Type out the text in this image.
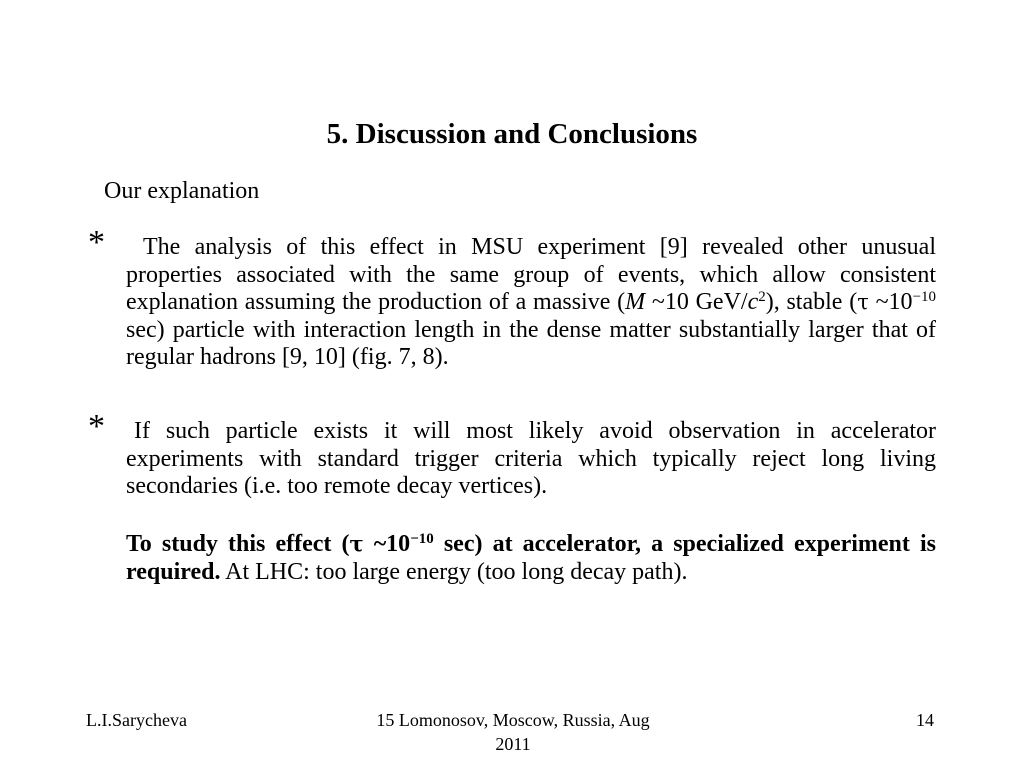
5. Discussion and Conclusions
Our explanation
*	The analysis of this effect in MSU experiment [9] revealed other unusual properties associated with the same group of events, which allow consistent explanation assuming the production of a massive (M ~10 GeV/$c^2$), stable (τ $\sim 10^{-10}$ sec) particle with interaction length in the dense matter substantially larger that of regular hadrons [9, 10] (fig. 7, 8).
*	If such particle exists it will most likely avoid observation in accelerator experiments with standard trigger criteria which typically reject long living secondaries (i.e. too remote decay vertices).
To study this effect (τ $\sim 10^{-10}$ sec) at accelerator, a specialized experiment is required. At LHC: too large energy (too long decay path).
L.I.Sarycheva	15 Lomonosov, Moscow, Russia, Aug
2011
14
